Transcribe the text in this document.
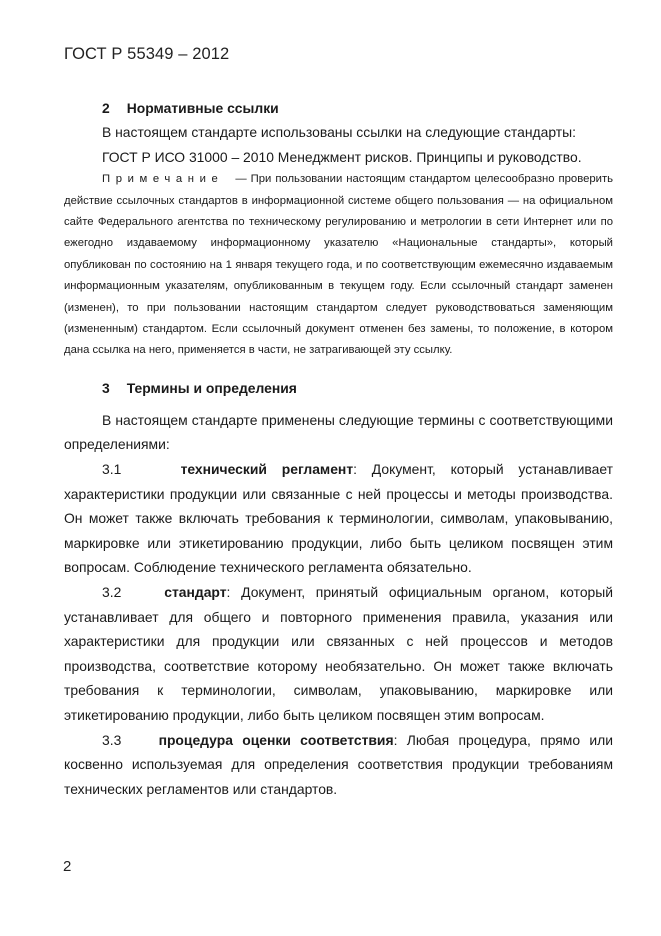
ГОСТ Р 55349 – 2012
2 Нормативные ссылки

В настоящем стандарте использованы ссылки на следующие стандарты:

ГОСТ Р ИСО 31000 – 2010 Менеджмент рисков. Принципы и руководство.

Примечание — При пользовании настоящим стандартом целесообразно проверить действие ссылочных стандартов в информационной системе общего пользования — на официальном сайте Федерального агентства по техническому регулированию и метрологии в сети Интернет или по ежегодно издаваемому информационному указателю «Национальные стандарты», который опубликован по состоянию на 1 января текущего года, и по соответствующим ежемесячно издаваемым информационным указателям, опубликованным в текущем году. Если ссылочный стандарт заменен (изменен), то при пользовании настоящим стандартом следует руководствоваться заменяющим (измененным) стандартом. Если ссылочный документ отменен без замены, то положение, в котором дана ссылка на него, применяется в части, не затрагивающей эту ссылку.

3 Термины и определения

В настоящем стандарте применены следующие термины с соответствующими определениями:

3.1	технический регламент: Документ, который устанавливает характеристики продукции или связанные с ней процессы и методы производства. Он может также включать требования к терминологии, символам, упаковыванию, маркировке или этикетированию продукции, либо быть целиком посвящен этим вопросам. Соблюдение технического регламента обязательно.

3.2	стандарт: Документ, принятый официальным органом, который устанавливает для общего и повторного применения правила, указания или характеристики для продукции или связанных с ней процессов и методов производства, соответствие которому необязательно. Он может также включать требования к терминологии, символам, упаковыванию, маркировке или этикетированию продукции, либо быть целиком посвящен этим вопросам.

3.3	процедура оценки соответствия: Любая процедура, прямо или косвенно используемая для определения соответствия продукции требованиям технических регламентов или стандартов.

2
